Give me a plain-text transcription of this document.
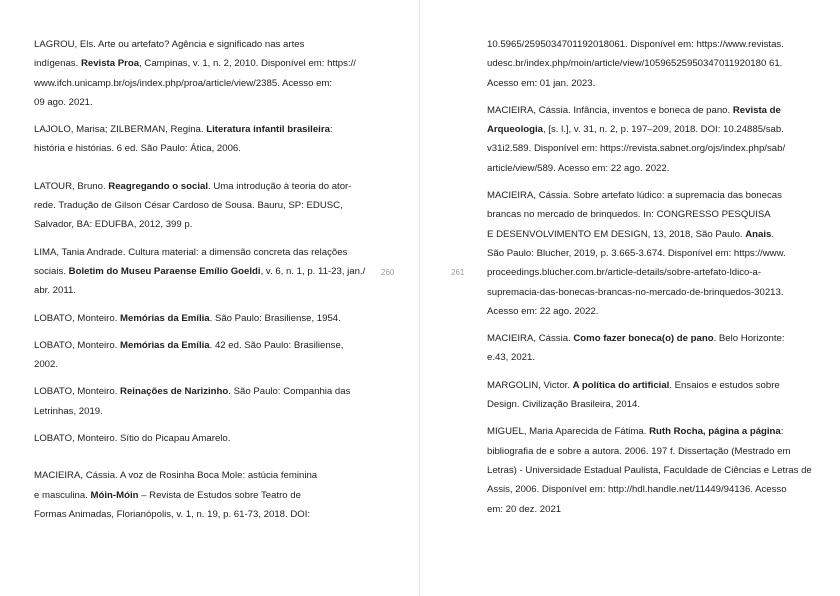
LAGROU, Els. Arte ou artefato? Agência e significado nas artes
indígenas. Revista Proa, Campinas, v. 1, n. 2, 2010. Disponível em: https://
www.ifch.unicamp.br/ojs/index.php/proa/article/view/2385. Acesso em:
09 ago. 2021.

LAJOLO, Marisa; ZILBERMAN, Regina. Literatura infantil brasileira:
história e histórias. 6 ed. São Paulo: Ática, 2006.

LATOUR, Bruno. Reagregando o social. Uma introdução à teoria do ator-
rede. Tradução de Gilson César Cardoso de Sousa. Bauru, SP: EDUSC,
Salvador, BA: EDUFBA, 2012, 399 p.

LIMA, Tania Andrade. Cultura material: a dimensão concreta das relações
sociais. Boletim do Museu Paraense Emílio Goeldi, v. 6, n. 1, p. 11-23, jan./
abr. 2011.

LOBATO, Monteiro. Memórias da Emília. São Paulo: Brasiliense, 1954.

LOBATO, Monteiro. Memórias da Emília. 42 ed. São Paulo: Brasiliense,
2002.

LOBATO, Monteiro. Reinações de Narizinho. São Paulo: Companhia das
Letrinhas, 2019.

LOBATO, Monteiro. Sítio do Picapau Amarelo.

MACIEIRA, Cássia. A voz de Rosinha Boca Mole: astúcia feminina
e masculina. Móin-Móin – Revista de Estudos sobre Teatro de
Formas Animadas, Florianópolis, v. 1, n. 19, p. 61-73, 2018. DOI:

260	261

10.5965/2595034701192018061. Disponível em: https://www.revistas.
udesc.br/index.php/moin/article/view/10596525950347011920180 61.
Acesso em: 01 jan. 2023.

MACIEIRA, Cássia. Infância, inventos e boneca de pano. Revista de
Arqueologia, [s. l.], v. 31, n. 2, p. 197–209, 2018. DOI: 10.24885/sab.
v31i2.589. Disponível em: https://revista.sabnet.org/ojs/index.php/sab/
article/view/589. Acesso em: 22 ago. 2022.

MACIEIRA, Cássia. Sobre artefato lúdico: a supremacia das bonecas
brancas no mercado de brinquedos. In: CONGRESSO PESQUISA
E DESENVOLVIMENTO EM DESIGN, 13, 2018, São Paulo. Anais.
São Paulo: Blucher, 2019, p. 3.665-3.674. Disponível em: https://www.
proceedings.blucher.com.br/article-details/sobre-artefato-ldico-a-
supremacia-das-bonecas-brancas-no-mercado-de-brinquedos-30213.
Acesso em: 22 ago. 2022.

MACIEIRA, Cássia. Como fazer boneca(o) de pano. Belo Horizonte:
e.43, 2021.

MARGOLIN, Victor. A política do artificial. Ensaios e estudos sobre
Design. Civilização Brasileira, 2014.

MIGUEL, Maria Aparecida de Fátima. Ruth Rocha, página a página:
bibliografia de e sobre a autora. 2006. 197 f. Dissertação (Mestrado em
Letras) - Universidade Estadual Paulista, Faculdade de Ciências e Letras de
Assis, 2006. Disponível em: http://hdl.handle.net/11449/94136. Acesso
em: 20 dez. 2021
